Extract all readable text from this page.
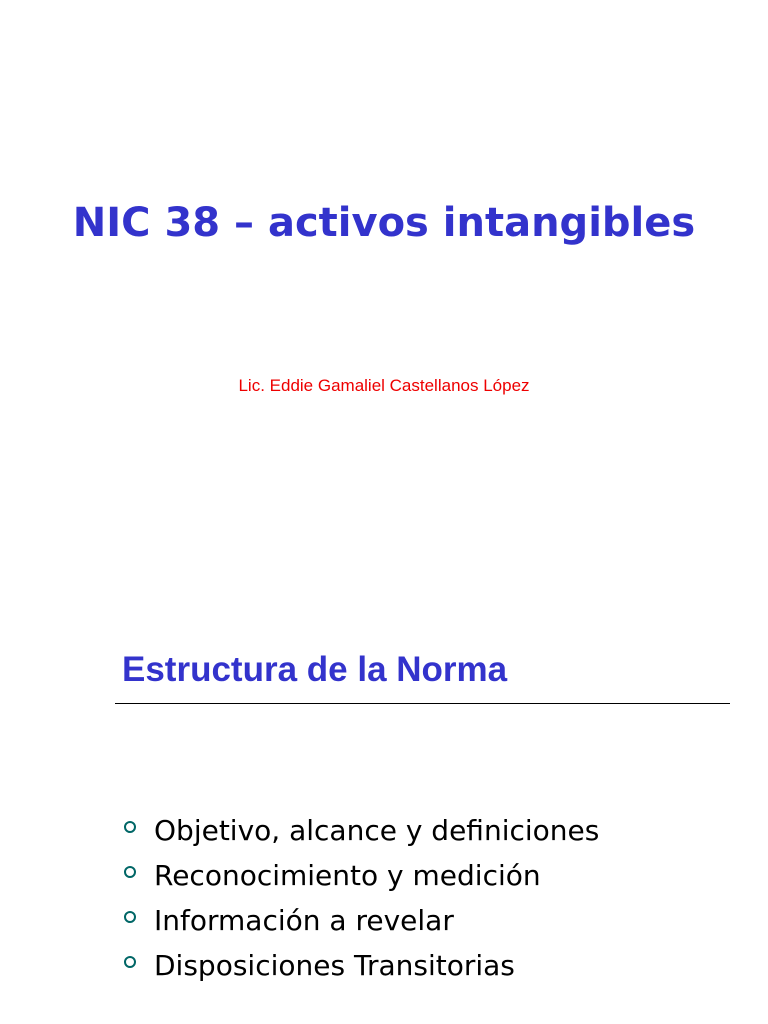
NIC 38 – activos intangibles
Lic. Eddie Gamaliel Castellanos López
Estructura de la Norma
Objetivo, alcance y definiciones
Reconocimiento y medición
Información a revelar
Disposiciones Transitorias
